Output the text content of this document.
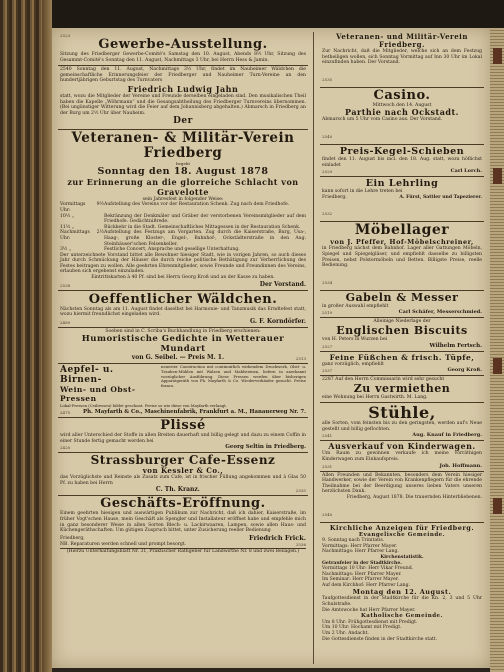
2523
Gewerbe-Ausstellung.
Sitzung des Friedberger Gewerbe-Comité's Samstag den 10. August, Abends 8½ Uhr, Sitzung des Gesammt-Comité's Sonntag den 11. August, Nachmittags 3 Uhr, bei Herrn Hess & Jamin.
2540 Sonntag den 11. August, Nachmittags 3½ Uhr, findet im Nauheimer Wäldchen die gemeinschaftliche Erinnerungsfeier der Friedberger und Nauheimer Turn-Vereine an den hundertjährigen Geburtstag des Turnvaters
Friedrich Ludwig Jahn
statt, wozu die Mitglieder der Vereine und Freunde derselben eingeladen sind. Den musikalischen Theil haben die Kapelle „Wöhrmann“ und die Gesangsabtheilung des Friedberger Turnvereins übernommen. (Bei ungünstiger Witterung wird die Feier auf dem Johannisberg abgehalten.) Abmarsch in Friedberg an der Burg um 2½ Uhr über Nauheim.
Der
Veteranen- & Militär-Verein Friedberg
begeht
Sonntag den 18. August 1878
zur Erinnerung an die glorreiche Schlacht von Gravelotte
sein Jahresfest in folgender Weise:
Vormittags 9½ Uhr:
Aufstellung des Vereins vor der Restauration Schenk. Zug nach dem Friedhofe.
10½ „	Bekränzung der Denkmäler und Gräber der verstorbenen Vereinsmitglieder auf dem Friedhofe. Gedächtnißrede.
11½ „	Rückkehr in die Stadt. Gemeinschaftliches Mittagessen in der Restauration Schenk.
Nachmittags 2½ Uhr:
Aufstellung des Festzugs am Vorgarten. Zug durch die Kaiserstraße, Burg, Usa-, Haag-, große Kloster-, Engel-, Bahnhof-, Ockstädterstraße in den Aug. Steinhäuser'schen Felsenkeller.
3½ „	Festliche Concert, Ansprache und gesellige Unterhaltung.
Der unterzeichnete Vorstand bittet alle Bewohner hiesiger Stadt, wie in vorigen Jahren, so auch dieses Jahr durch Schmückung der Häuser die durch reiche politische Bethätigung zur Verherrlichung des Festes beitragen zu wollen. Alle geehrten Ehrenmitglieder, sowie Freunde und Freundinnen des Vereins, erlauben sich ergebenst einzuladen.
Eintrittskarten à 40 Pf. sind bei Herrn Georg Kroß und an der Kasse zu haben.
2538	Der Vorstand.
Oeffentlicher Wäldchen.
Nächsten Sonntag als am 11. August findet daselbst bei Harmonie- und Tanzmusik das Erndtefest statt, wozu hiermit freundlichst eingeladen wird.
2489	G. F. Korndörfer.
Soeben sind in C. Scriba's Buchhandlung in Friedberg erschienen:
Humoristische Gedichte in Wetterauer Mundart
von G. Seibel. — Preis M. 1.	2513
Aepfel- u. Birnen-
Wein- und Obst-Pressen
neuester Construction mit continuirlich wirkendem Druckwerk, Obst- u. Trauben-Mühlen mit Walzen und Mahlsteinen, liefern in anerkannt vorzüglicher Ausführung. Diese Pressen werden über bisherigen Apparatgeräth von Ph. Mayfarth & Co. Wiederverkäufer gesucht. Preise franco.
Lokal-Pressen (Ceilresseu) bildet geschont. Preise so wie diese von Mayfarth verlangt.
2475 Ph. Mayfarth & Co., Maschinenfabrik, Frankfurt a. M., Hanauerweg Nr. 7.
Plissé
wird aller Unterschied der Stoffe in allen Breiten dauerhaft und billig gelegt und dazu zu einem Coffin in einer Stunde fertig gemacht werden bei
2420	Georg Seltin in Friedberg.
Strassburger Cafe-Essenz
von Kessler & Co.,
das Vorzüglichste und Reinste als Zusatz zum Cafe, ist in frischer Füllung angekommen und à Glas 50 Pf. zu haben bei Herrn
C. Th. Kranz.	2535
Geschäfts-Eröffnung.
Einem geehrten hiesigen und auswärtigen Publikum zur Nachricht, daß ich dahier, Kaiserstraße, im früher Vogt'schen Hause, mein Geschäft als Spengler und Installateur eröffnet habe und empfehle mich in ganz besonderer Weise in allen Sorten Blech- u. Lackirwaaren, Lampen, sowie allen Haus- und Küchengeräthschaften. Um gütigen Zuspruch bittet, unter Zusicherung reeller Bedienung
Friedberg,	Friedrich Frick.
NB. Reparaturen werden schnell und prompt besorgt.	2536
(Hierzu Unterhaltungsblatt Nr. 31, Praktischer Rathgeber für Landwirthe Nr. 8 und zwei Beilagen.)
Veteranen- und Militär-Verein Friedberg.
Zur Nachricht, daß die Mitglieder, welche sich an dem Festzug betheiligen wollen, sich Sonntag Vormittag auf Inn 30 Uhr im Lokal einzufinden haben. Der Vorstand.
2535
Casino.
Mittwoch den 14. August
Parthie nach Ockstadt.
Abmarsch um 5 Uhr vom Casino aus. Der Vorstand.
2540
Preis-Kegel-Schieben
findet den 11. August bis incl. den 18. Aug. statt, wozu höflichst einladet
2529	Carl Lorch.
Ein Lehrling
kann sofort in die Lehre treten bei
Friedberg.	A. Fürst, Sattler und Tapezierer.
2532
Möbellager
von J. Pfeffer, Hof-Möbelschreiner,
in Friedberg nächst dem Bahnhof. Lager aller Gattungen Möbeln, Spiegel und Spiegelgläser, und empfiehlt dasselbe zu billigsten Preisen, nebst Polstermöbeln und Betten. Billigste Preise, reelle Bedienung.
2534
Gabeln & Messer
in großer Auswahl empfiehlt
2519	Carl Schäfer, Messerschmied.
Alleinige Niederlage der
Englischen Biscuits
von H. Peters in Wurzen bei
2527	Wilhelm Fertsch.
Feine Füßchen & frisch. Tüpfe,
ganz vorzüglich, empfiehlt
2537	Georg Kroß.
2287 Auf den Herrn Commissarin wird sehr gesucht
Zu vermiethen
eine Wohnung bei Herrn Gastwirth. M. Lang.
Stühle,
alle Sorten, vom feinsten bis zu den geringsten, werden auf's Neue gestellt und billig geflochten.
2541	Aug. Knauf in Friedberg.
Ausverkauf von Kinderwagen.
Um Raum zu gewinnen verkaufe ich meine vorräthigen Kinderwagen zum Einkaufspreis.
2531	Joh. Hoffmann.
Allen Freunden und Bekannten, besonders dem Verein hiesiger Handwerker, sowie der Verein von Krankenpflegern für die ehrende Theilnahme bei der Beerdigung unseres lieben Vaters unseren herzlichsten Dank.
Friedberg, August 1878. Die trauernden Hinterbliebenen.
2540
Kirchliche Anzeigen für Friedberg.
Evangelische Gemeinde.
9. Sonntag nach Trinitatis.
Vormittags: Herr Pfarrer Mayer.
Nachmittags: Herr Pfarrer Lang.
Kirchenstatistik.
Getraufeier in der Stadtkirche.
Vormittags 10 Uhr: Herr Vikar Freund.
Nachmittags: Herr Pfarrer Mayer.
Im Seminar: Herr Pfarrer Mayer.
Auf dem Kirchhof: Herr Pfarrer Lang.
Montag den 12. August.
Taufgottesdienst in der Stadtkirche für die Kn. 2, 3 und 5 Uhr Schulstraße.
Die Amtswoche hat Herr Pfarrer Mayer.
Katholische Gemeinde.
Um 8 Uhr: Frühgottesdienst mit Predigt.
Um 10 Uhr: Hochamt mit Predigt.
Um 2 Uhr: Andacht.
Die Gottesdienste finden in der Stadtkirche statt.
